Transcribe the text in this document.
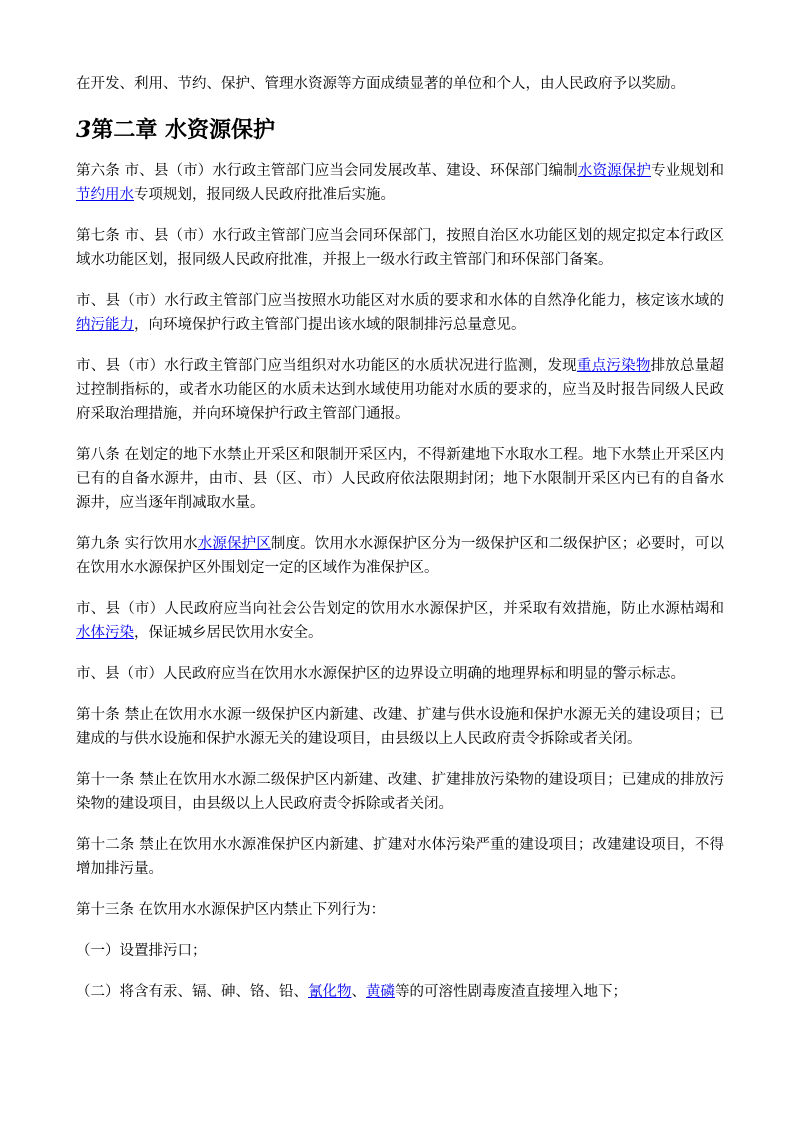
在开发、利用、节约、保护、管理水资源等方面成绩显著的单位和个人，由人民政府予以奖励。

3第二章 水资源保护

第六条 市、县（市）水行政主管部门应当会同发展改革、建设、环保部门编制水资源保护专业规划和节约用水专项规划，报同级人民政府批准后实施。

第七条 市、县（市）水行政主管部门应当会同环保部门，按照自治区水功能区划的规定拟定本行政区域水功能区划，报同级人民政府批准，并报上一级水行政主管部门和环保部门备案。

市、县（市）水行政主管部门应当按照水功能区对水质的要求和水体的自然净化能力，核定该水域的纳污能力，向环境保护行政主管部门提出该水域的限制排污总量意见。

市、县（市）水行政主管部门应当组织对水功能区的水质状况进行监测，发现重点污染物排放总量超过控制指标的，或者水功能区的水质未达到水域使用功能对水质的要求的，应当及时报告同级人民政府采取治理措施，并向环境保护行政主管部门通报。

第八条 在划定的地下水禁止开采区和限制开采区内，不得新建地下水取水工程。地下水禁止开采区内已有的自备水源井，由市、县（区、市）人民政府依法限期封闭；地下水限制开采区内已有的自备水源井，应当逐年削减取水量。

第九条 实行饮用水水源保护区制度。饮用水水源保护区分为一级保护区和二级保护区；必要时，可以在饮用水水源保护区外围划定一定的区域作为准保护区。

市、县（市）人民政府应当向社会公告划定的饮用水水源保护区，并采取有效措施，防止水源枯竭和水体污染，保证城乡居民饮用水安全。

市、县（市）人民政府应当在饮用水水源保护区的边界设立明确的地理界标和明显的警示标志。

第十条 禁止在饮用水水源一级保护区内新建、改建、扩建与供水设施和保护水源无关的建设项目；已建成的与供水设施和保护水源无关的建设项目，由县级以上人民政府责令拆除或者关闭。

第十一条 禁止在饮用水水源二级保护区内新建、改建、扩建排放污染物的建设项目；已建成的排放污染物的建设项目，由县级以上人民政府责令拆除或者关闭。

第十二条 禁止在饮用水水源准保护区内新建、扩建对水体污染严重的建设项目；改建建设项目，不得增加排污量。

第十三条 在饮用水水源保护区内禁止下列行为：

（一）设置排污口；

（二）将含有汞、镉、砷、铬、铅、氰化物、黄磷等的可溶性剧毒废渣直接埋入地下；
